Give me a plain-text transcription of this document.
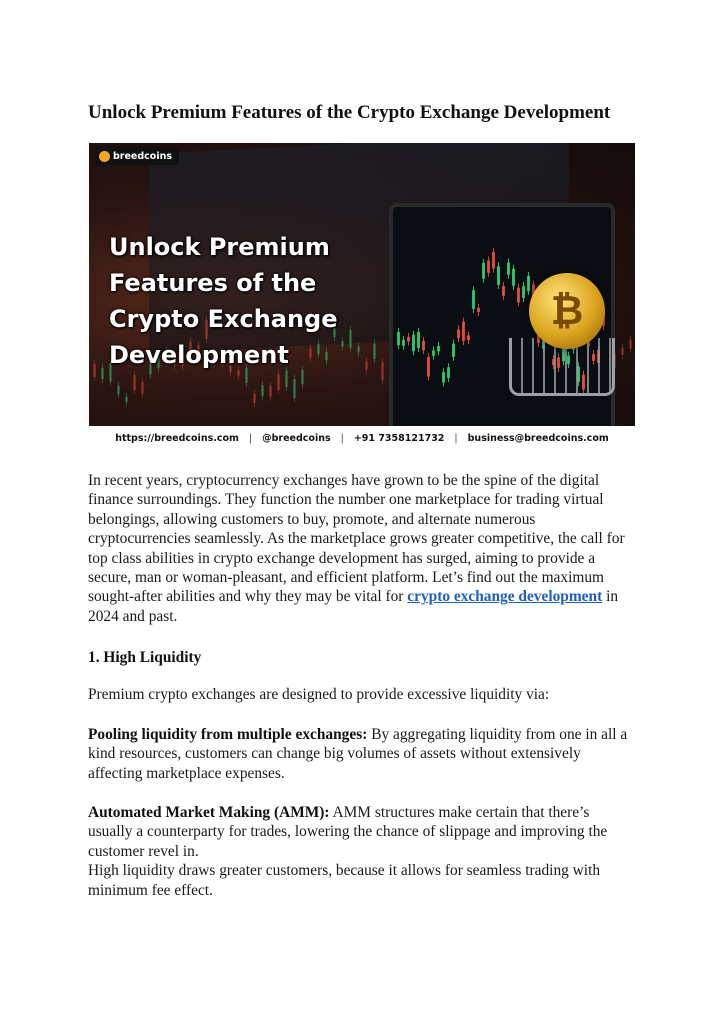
Unlock Premium Features of the Crypto Exchange Development
breedcoins
Unlock Premium
Features of the
Crypto Exchange
Development
₿
https://breedcoins.com | @breedcoins | +91 7358121732 | business@breedcoins.com

In recent years, cryptocurrency exchanges have grown to be the spine of the digital finance surroundings. They function the number one marketplace for trading virtual belongings, allowing customers to buy, promote, and alternate numerous cryptocurrencies seamlessly. As the marketplace grows greater competitive, the call for top class abilities in crypto exchange development has surged, aiming to provide a secure, man or woman-pleasant, and efficient platform. Let’s find out the maximum sought-after abilities and why they may be vital for crypto exchange development in 2024 and past.

1. High Liquidity

Premium crypto exchanges are designed to provide excessive liquidity via:

Pooling liquidity from multiple exchanges: By aggregating liquidity from one in all a kind resources, customers can change big volumes of assets without extensively affecting marketplace expenses.

Automated Market Making (AMM): AMM structures make certain that there’s usually a counterparty for trades, lowering the chance of slippage and improving the customer revel in.
High liquidity draws greater customers, because it allows for seamless trading with minimum fee effect.
